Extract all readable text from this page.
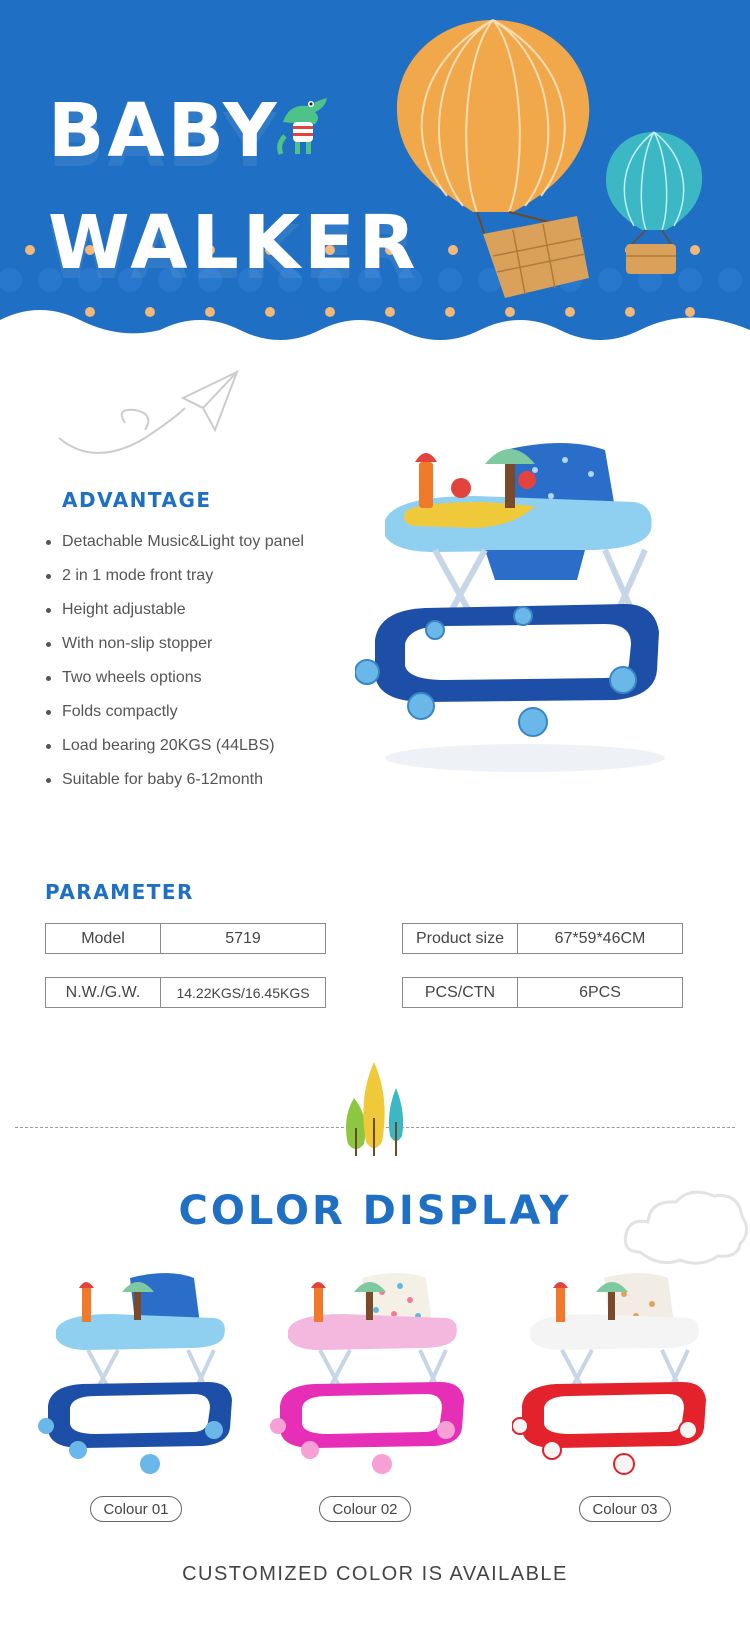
BABY
WALKER
ADVANTAGE
Detachable Music&Light toy panel
2 in 1 mode front tray
Height adjustable
With non-slip stopper
Two wheels options
Folds compactly
Load bearing 20KGS (44LBS)
Suitable for baby 6-12month
PARAMETER
Model	5719	Product size	67*59*46CM
N.W./G.W.	14.22KGS/16.45KGS	PCS/CTN	6PCS
COLOR DISPLAY
Colour 01	Colour 02	Colour 03
CUSTOMIZED COLOR IS AVAILABLE
